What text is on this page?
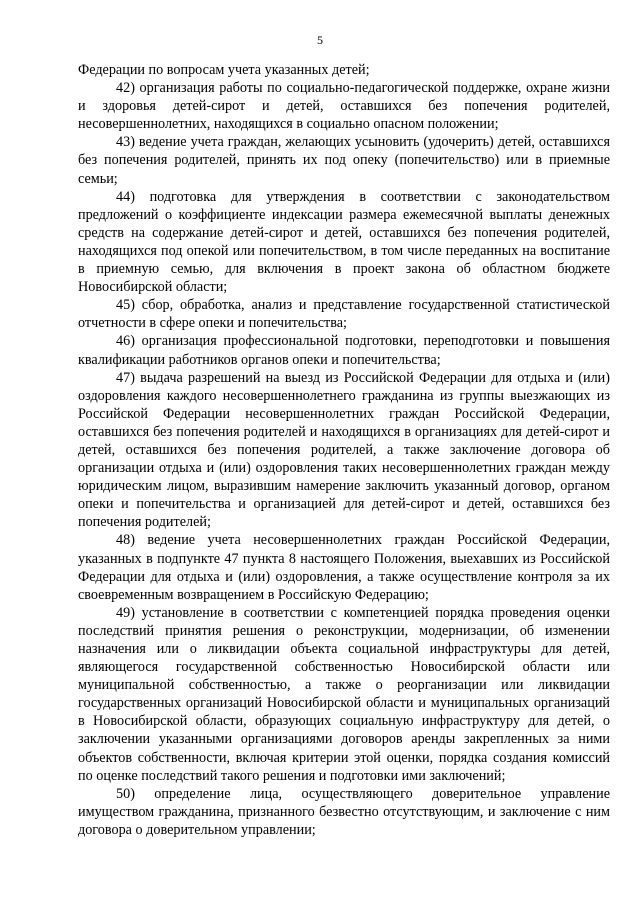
5

Федерации по вопросам учета указанных детей;

42) организация работы по социально-педагогической поддержке, охране жизни и здоровья детей-сирот и детей, оставшихся без попечения родителей, несовершеннолетних, находящихся в социально опасном положении;

43) ведение учета граждан, желающих усыновить (удочерить) детей, оставшихся без попечения родителей, принять их под опеку (попечительство) или в приемные семьи;

44) подготовка для утверждения в соответствии с законодательством предложений о коэффициенте индексации размера ежемесячной выплаты денежных средств на содержание детей-сирот и детей, оставшихся без попечения родителей, находящихся под опекой или попечительством, в том числе переданных на воспитание в приемную семью, для включения в проект закона об областном бюджете Новосибирской области;

45) сбор, обработка, анализ и представление государственной статистической отчетности в сфере опеки и попечительства;

46) организация профессиональной подготовки, переподготовки и повышения квалификации работников органов опеки и попечительства;

47) выдача разрешений на выезд из Российской Федерации для отдыха и (или) оздоровления каждого несовершеннолетнего гражданина из группы выезжающих из Российской Федерации несовершеннолетних граждан Российской Федерации, оставшихся без попечения родителей и находящихся в организациях для детей-сирот и детей, оставшихся без попечения родителей, а также заключение договора об организации отдыха и (или) оздоровления таких несовершеннолетних граждан между юридическим лицом, выразившим намерение заключить указанный договор, органом опеки и попечительства и организацией для детей-сирот и детей, оставшихся без попечения родителей;

48) ведение учета несовершеннолетних граждан Российской Федерации, указанных в подпункте 47 пункта 8 настоящего Положения, выехавших из Российской Федерации для отдыха и (или) оздоровления, а также осуществление контроля за их своевременным возвращением в Российскую Федерацию;

49) установление в соответствии с компетенцией порядка проведения оценки последствий принятия решения о реконструкции, модернизации, об изменении назначения или о ликвидации объекта социальной инфраструктуры для детей, являющегося государственной собственностью Новосибирской области или муниципальной собственностью, а также о реорганизации или ликвидации государственных организаций Новосибирской области и муниципальных организаций в Новосибирской области, образующих социальную инфраструктуру для детей, о заключении указанными организациями договоров аренды закрепленных за ними объектов собственности, включая критерии этой оценки, порядка создания комиссий по оценке последствий такого решения и подготовки ими заключений;

50) определение лица, осуществляющего доверительное управление имуществом гражданина, признанного безвестно отсутствующим, и заключение с ним договора о доверительном управлении;
